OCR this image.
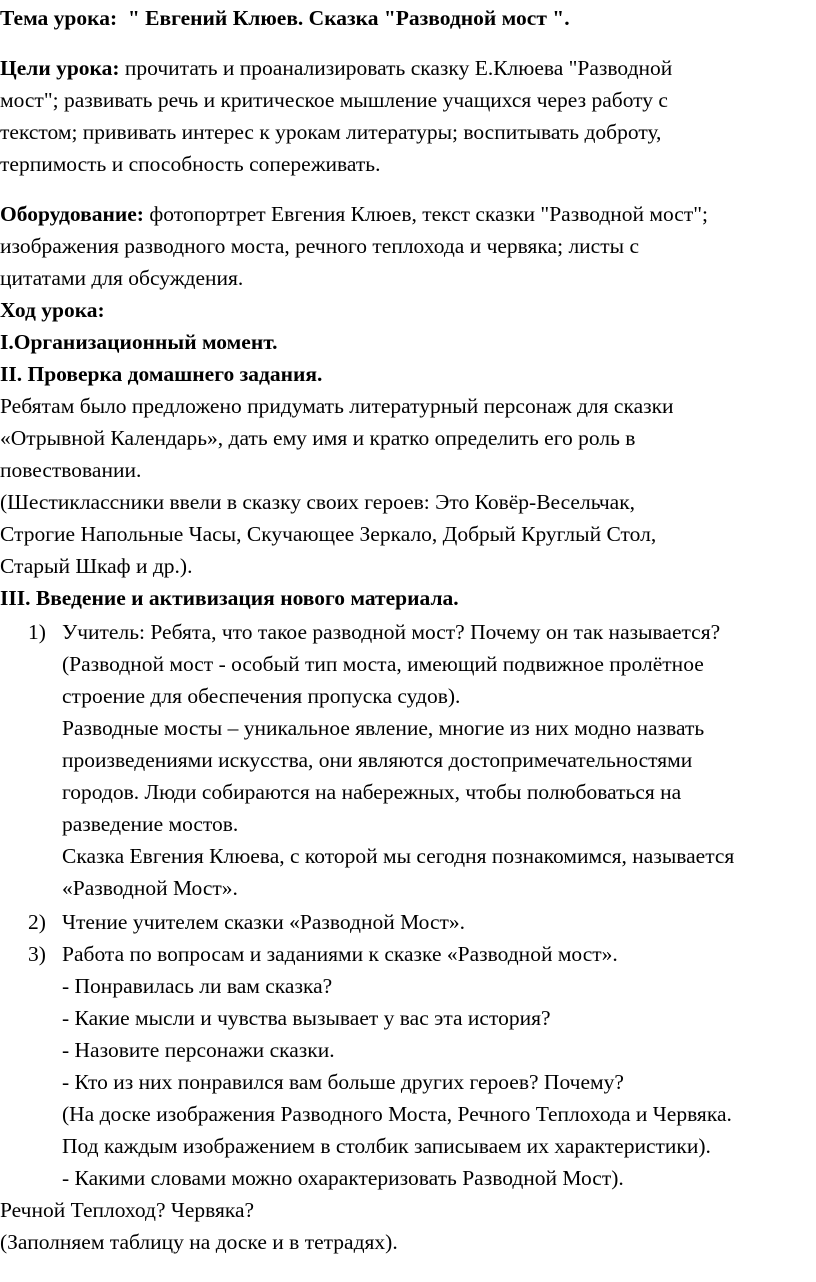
Тема урока: " Евгений Клюев. Сказка "Разводной мост ".
Цели урока: прочитать и проанализировать сказку Е.Клюева "Разводной
мост"; развивать речь и критическое мышление учащихся через работу с
текстом; прививать интерес к урокам литературы; воспитывать доброту,
терпимость и способность сопереживать.
Оборудование: фотопортрет Евгения Клюев, текст сказки "Разводной мост";
изображения разводного моста, речного теплохода и червяка; листы с
цитатами для обсуждения.
Ход урока:
I.Организационный момент.
II. Проверка домашнего задания.
Ребятам было предложено придумать литературный персонаж для сказки
«Отрывной Календарь», дать ему имя и кратко определить его роль в
повествовании.
(Шестиклассники ввели в сказку своих героев: Это Ковёр-Весельчак,
Строгие Напольные Часы, Скучающее Зеркало, Добрый Круглый Стол,
Старый Шкаф и др.).
III. Введение и активизация нового материала.
1) Учитель: Ребята, что такое разводной мост? Почему он так называется?
(Разводной мост - особый тип моста, имеющий подвижное пролётное
строение для обеспечения пропуска судов).
Разводные мосты – уникальное явление, многие из них модно назвать
произведениями искусства, они являются достопримечательностями
городов. Люди собираются на набережных, чтобы полюбоваться на
разведение мостов.
Сказка Евгения Клюева, с которой мы сегодня познакомимся, называется
«Разводной Мост».
2) Чтение учителем сказки «Разводной Мост».
3) Работа по вопросам и заданиями к сказке «Разводной мост».
- Понравилась ли вам сказка?
- Какие мысли и чувства вызывает у вас эта история?
- Назовите персонажи сказки.
- Кто из них понравился вам больше других героев? Почему?
(На доске изображения Разводного Моста, Речного Теплохода и Червяка.
Под каждым изображением в столбик записываем их характеристики).
- Какими словами можно охарактеризовать Разводной Мост).
Речной Теплоход? Червяка?
(Заполняем таблицу на доске и в тетрадях).
